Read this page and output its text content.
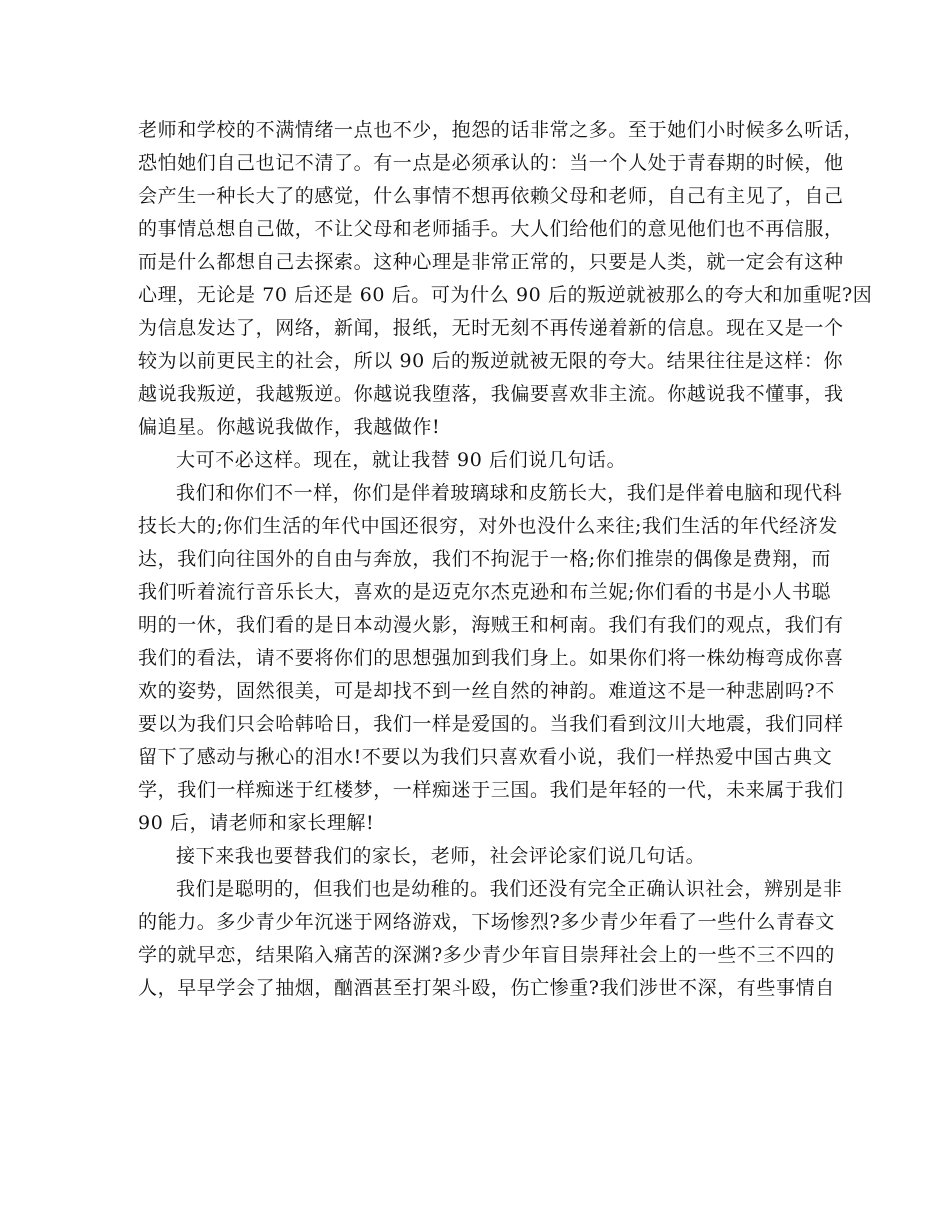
老师和学校的不满情绪一点也不少，抱怨的话非常之多。至于她们小时候多么听话，
恐怕她们自己也记不清了。有一点是必须承认的：当一个人处于青春期的时候，他
会产生一种长大了的感觉，什么事情不想再依赖父母和老师，自己有主见了，自己
的事情总想自己做，不让父母和老师插手。大人们给他们的意见他们也不再信服，
而是什么都想自己去探索。这种心理是非常正常的，只要是人类，就一定会有这种
心理，无论是 70 后还是 60 后。可为什么 90 后的叛逆就被那么的夸大和加重呢?因
为信息发达了，网络，新闻，报纸，无时无刻不再传递着新的信息。现在又是一个
较为以前更民主的社会，所以 90 后的叛逆就被无限的夸大。结果往往是这样：你
越说我叛逆，我越叛逆。你越说我堕落，我偏要喜欢非主流。你越说我不懂事，我
偏追星。你越说我做作，我越做作!
大可不必这样。现在，就让我替 90 后们说几句话。
我们和你们不一样，你们是伴着玻璃球和皮筋长大，我们是伴着电脑和现代科
技长大的;你们生活的年代中国还很穷，对外也没什么来往;我们生活的年代经济发
达，我们向往国外的自由与奔放，我们不拘泥于一格;你们推崇的偶像是费翔，而
我们听着流行音乐长大，喜欢的是迈克尔杰克逊和布兰妮;你们看的书是小人书聪
明的一休，我们看的是日本动漫火影，海贼王和柯南。我们有我们的观点，我们有
我们的看法，请不要将你们的思想强加到我们身上。如果你们将一株幼梅弯成你喜
欢的姿势，固然很美，可是却找不到一丝自然的神韵。难道这不是一种悲剧吗?不
要以为我们只会哈韩哈日，我们一样是爱国的。当我们看到汶川大地震，我们同样
留下了感动与揪心的泪水!不要以为我们只喜欢看小说，我们一样热爱中国古典文
学，我们一样痴迷于红楼梦，一样痴迷于三国。我们是年轻的一代，未来属于我们
90 后，请老师和家长理解!
接下来我也要替我们的家长，老师，社会评论家们说几句话。
我们是聪明的，但我们也是幼稚的。我们还没有完全正确认识社会，辨别是非
的能力。多少青少年沉迷于网络游戏，下场惨烈?多少青少年看了一些什么青春文
学的就早恋，结果陷入痛苦的深渊?多少青少年盲目崇拜社会上的一些不三不四的
人，早早学会了抽烟，酗酒甚至打架斗殴，伤亡惨重?我们涉世不深，有些事情自
